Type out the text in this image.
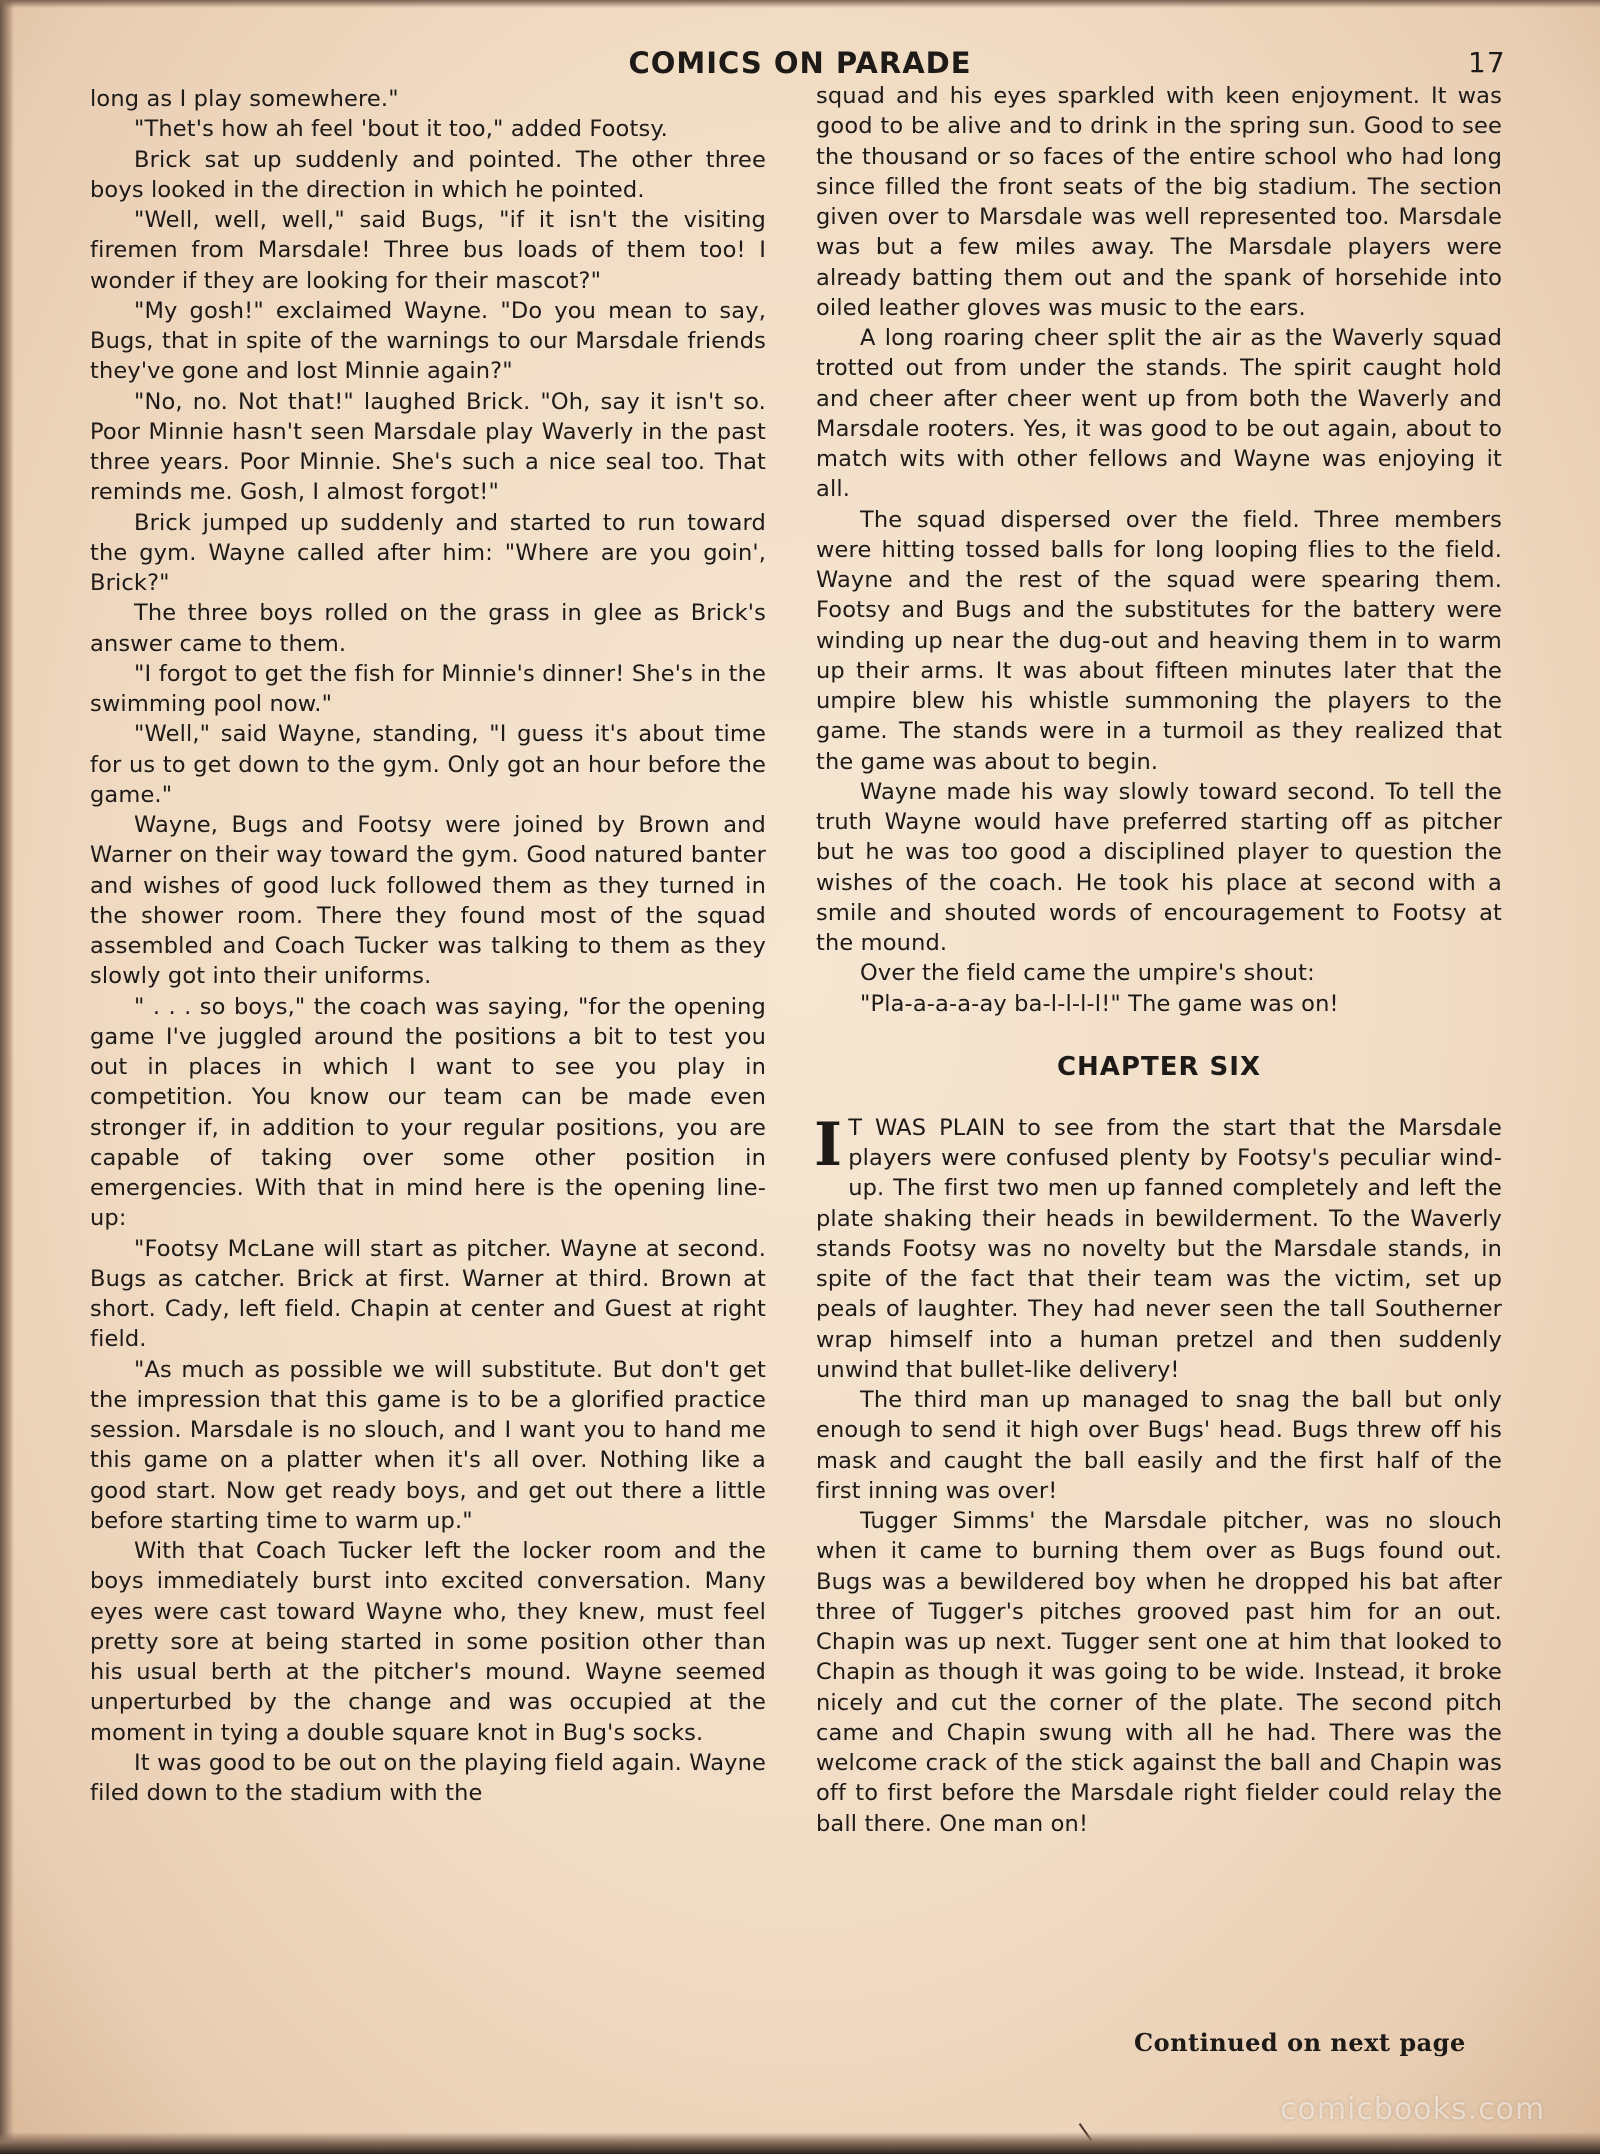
COMICS ON PARADE	17

long as I play somewhere."

"Thet's how ah feel 'bout it too," added Footsy.

Brick sat up suddenly and pointed. The other three boys looked in the direction in which he pointed.

"Well, well, well," said Bugs, "if it isn't the visiting firemen from Marsdale! Three bus loads of them too! I wonder if they are looking for their mascot?"

"My gosh!" exclaimed Wayne. "Do you mean to say, Bugs, that in spite of the warnings to our Marsdale friends they've gone and lost Minnie again?"

"No, no. Not that!" laughed Brick. "Oh, say it isn't so. Poor Minnie hasn't seen Marsdale play Waverly in the past three years. Poor Minnie. She's such a nice seal too. That reminds me. Gosh, I almost forgot!"

Brick jumped up suddenly and started to run toward the gym. Wayne called after him: "Where are you goin', Brick?"

The three boys rolled on the grass in glee as Brick's answer came to them.

"I forgot to get the fish for Minnie's dinner! She's in the swimming pool now."

"Well," said Wayne, standing, "I guess it's about time for us to get down to the gym. Only got an hour before the game."

Wayne, Bugs and Footsy were joined by Brown and Warner on their way toward the gym. Good natured banter and wishes of good luck followed them as they turned in the shower room. There they found most of the squad assembled and Coach Tucker was talking to them as they slowly got into their uniforms.

" . . . so boys," the coach was saying, "for the opening game I've juggled around the positions a bit to test you out in places in which I want to see you play in competition. You know our team can be made even stronger if, in addition to your regular positions, you are capable of taking over some other position in emergencies. With that in mind here is the opening line-up:

"Footsy McLane will start as pitcher. Wayne at second. Bugs as catcher. Brick at first. Warner at third. Brown at short. Cady, left field. Chapin at center and Guest at right field.

"As much as possible we will substitute. But don't get the impression that this game is to be a glorified practice session. Marsdale is no slouch, and I want you to hand me this game on a platter when it's all over. Nothing like a good start. Now get ready boys, and get out there a little before starting time to warm up."

With that Coach Tucker left the locker room and the boys immediately burst into excited conversation. Many eyes were cast toward Wayne who, they knew, must feel pretty sore at being started in some position other than his usual berth at the pitcher's mound. Wayne seemed unperturbed by the change and was occupied at the moment in tying a double square knot in Bug's socks.

It was good to be out on the playing field again. Wayne filed down to the stadium with the

squad and his eyes sparkled with keen enjoyment. It was good to be alive and to drink in the spring sun. Good to see the thousand or so faces of the entire school who had long since filled the front seats of the big stadium. The section given over to Marsdale was well represented too. Marsdale was but a few miles away. The Marsdale players were already batting them out and the spank of horsehide into oiled leather gloves was music to the ears.

A long roaring cheer split the air as the Waverly squad trotted out from under the stands. The spirit caught hold and cheer after cheer went up from both the Waverly and Marsdale rooters. Yes, it was good to be out again, about to match wits with other fellows and Wayne was enjoying it all.

The squad dispersed over the field. Three members were hitting tossed balls for long looping flies to the field. Wayne and the rest of the squad were spearing them. Footsy and Bugs and the substitutes for the battery were winding up near the dug-out and heaving them in to warm up their arms. It was about fifteen minutes later that the umpire blew his whistle summoning the players to the game. The stands were in a turmoil as they realized that the game was about to begin.

Wayne made his way slowly toward second. To tell the truth Wayne would have preferred starting off as pitcher but he was too good a disciplined player to question the wishes of the coach. He took his place at second with a smile and shouted words of encouragement to Footsy at the mound.

Over the field came the umpire's shout:

"Pla-a-a-a-ay ba-l-l-l-l!" The game was on!

CHAPTER SIX

I T WAS PLAIN to see from the start that the Marsdale players were confused plenty by Footsy's peculiar wind-up. The first two men up fanned completely and left the plate shaking their heads in bewilderment. To the Waverly stands Footsy was no novelty but the Marsdale stands, in spite of the fact that their team was the victim, set up peals of laughter. They had never seen the tall Southerner wrap himself into a human pretzel and then suddenly unwind that bullet-like delivery!

The third man up managed to snag the ball but only enough to send it high over Bugs' head. Bugs threw off his mask and caught the ball easily and the first half of the first inning was over!

Tugger Simms' the Marsdale pitcher, was no slouch when it came to burning them over as Bugs found out. Bugs was a bewildered boy when he dropped his bat after three of Tugger's pitches grooved past him for an out. Chapin was up next. Tugger sent one at him that looked to Chapin as though it was going to be wide. Instead, it broke nicely and cut the corner of the plate. The second pitch came and Chapin swung with all he had. There was the welcome crack of the stick against the ball and Chapin was off to first before the Marsdale right fielder could relay the ball there. One man on!

Continued on next page
comicbooks.com
